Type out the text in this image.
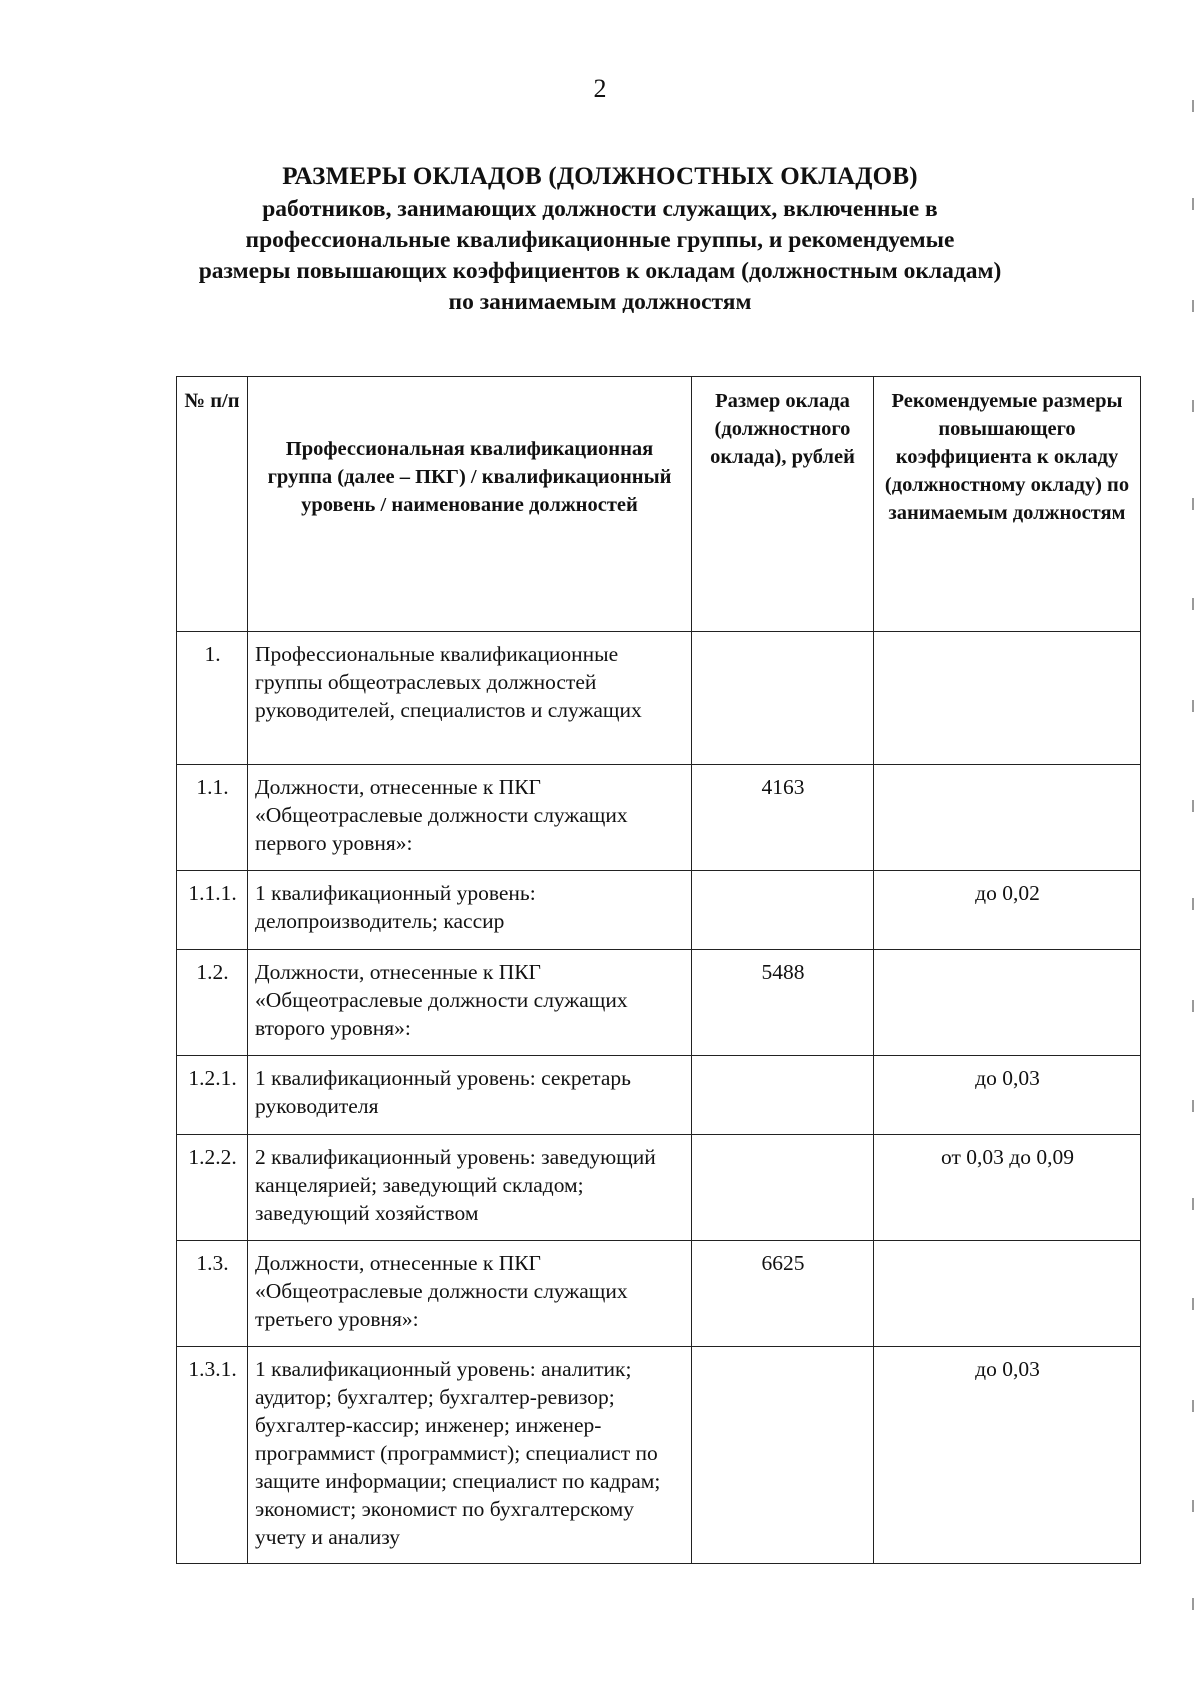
2
РАЗМЕРЫ ОКЛАДОВ (ДОЛЖНОСТНЫХ ОКЛАДОВ)
работников, занимающих должности служащих, включенные в
профессиональные квалификационные группы, и рекомендуемые
размеры повышающих коэффициентов к окладам (должностным окладам)
по занимаемым должностям
№ п/п	Профессиональная квалификационная группа (далее – ПКГ) / квалификационный уровень / наименование должностей	Размер оклада (должностного оклада), рублей	Рекомендуемые размеры повышающего коэффициента к окладу (должностному окладу) по занимаемым должностям
1.	Профессиональные квалификационные группы общеотраслевых должностей руководителей, специалистов и служащих		
1.1.	Должности, отнесенные к ПКГ «Общеотраслевые должности служащих первого уровня»:	4163	
1.1.1.	1 квалификационный уровень: делопроизводитель; кассир		до 0,02
1.2.	Должности, отнесенные к ПКГ «Общеотраслевые должности служащих второго уровня»:	5488	
1.2.1.	1 квалификационный уровень: секретарь руководителя		до 0,03
1.2.2.	2 квалификационный уровень: заведующий канцелярией; заведующий складом; заведующий хозяйством		от 0,03 до 0,09
1.3.	Должности, отнесенные к ПКГ «Общеотраслевые должности служащих третьего уровня»:	6625	
1.3.1.	1 квалификационный уровень: аналитик; аудитор; бухгалтер; бухгалтер-ревизор; бухгалтер-кассир; инженер; инженер-программист (программист); специалист по защите информации; специалист по кадрам; экономист; экономист по бухгалтерскому учету и анализу		до 0,03
